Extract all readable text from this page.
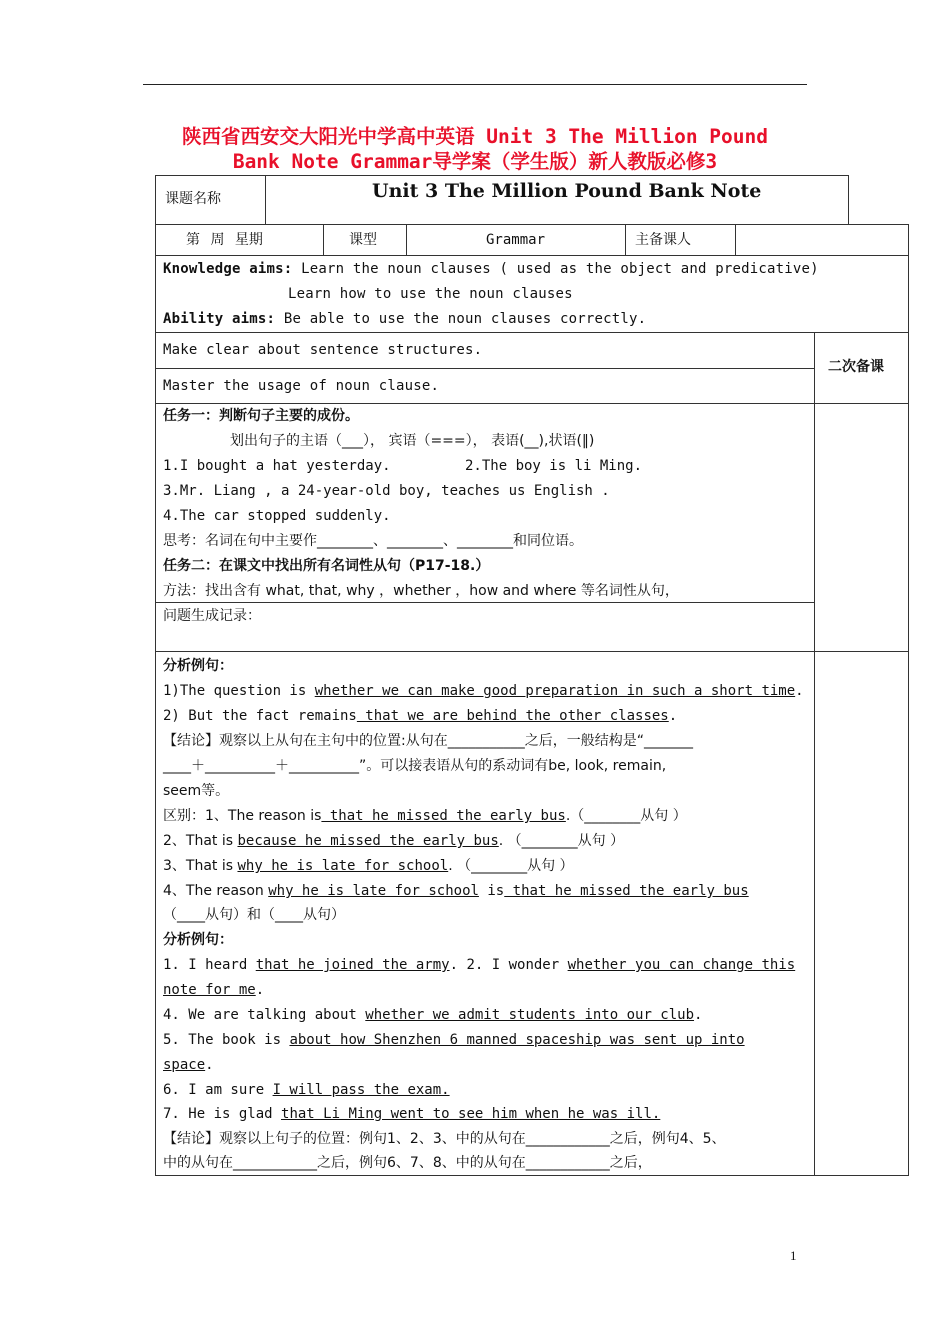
陕西省西安交大阳光中学高中英语 Unit 3 The Million Pound
Bank Note Grammar导学案（学生版）新人教版必修3
课题名称	Unit 3 The Million Pound Bank Note
第 周 星期	课型	Grammar	主备课人
Knowledge aims: Learn the noun clauses ( used as the object and predicative)
Learn how to use the noun clauses
Ability aims: Be able to use the noun clauses correctly.
Make clear about sentence structures.
Master the usage of noun clause.
二次备课
任务一：判断句子主要的成份。
划出句子的主语（___）， 宾语（===）， 表语(__),状语(‖)
1.I bought a hat yesterday.	2.The boy is li Ming.
3.Mr. Liang , a 24-year-old boy, teaches us English .
4.The car stopped suddenly.
思考：名词在句中主要作________、________、________和同位语。
任务二：在课文中找出所有名词性从句（P17-18.）
方法：找出含有 what, that, why ，whether ，how and where 等名词性从句，
问题生成记录：
分析例句：
1)The question is whether we can make good preparation in such a short time.
2) But the fact remains that we are behind the other classes.
【结论】观察以上从句在主句中的位置:从句在___________之后，一般结构是“_______
____＋__________＋__________”。可以接表语从句的系动词有be, look, remain,
seem等。
区别：1、The reason is that he missed the early bus.（________从句 ）
2、That is because he missed the early bus. （________从句 ）
3、That is why he is late for school. （________从句 ）
4、The reason why he is late for school is that he missed the early bus
（____从句）和（____从句）
分析例句：
1. I heard that he joined the army. 2. I wonder whether you can change this
note for me.
4. We are talking about whether we admit students into our club.
5. The book is about how Shenzhen 6 manned spaceship was sent up into
space.
6. I am sure I will pass the exam.
7. He is glad that Li Ming went to see him when he was ill.
【结论】观察以上句子的位置：例句1、2、3、中的从句在____________之后，例句4、5、
中的从句在____________之后，例句6、7、8、中的从句在____________之后，
1
